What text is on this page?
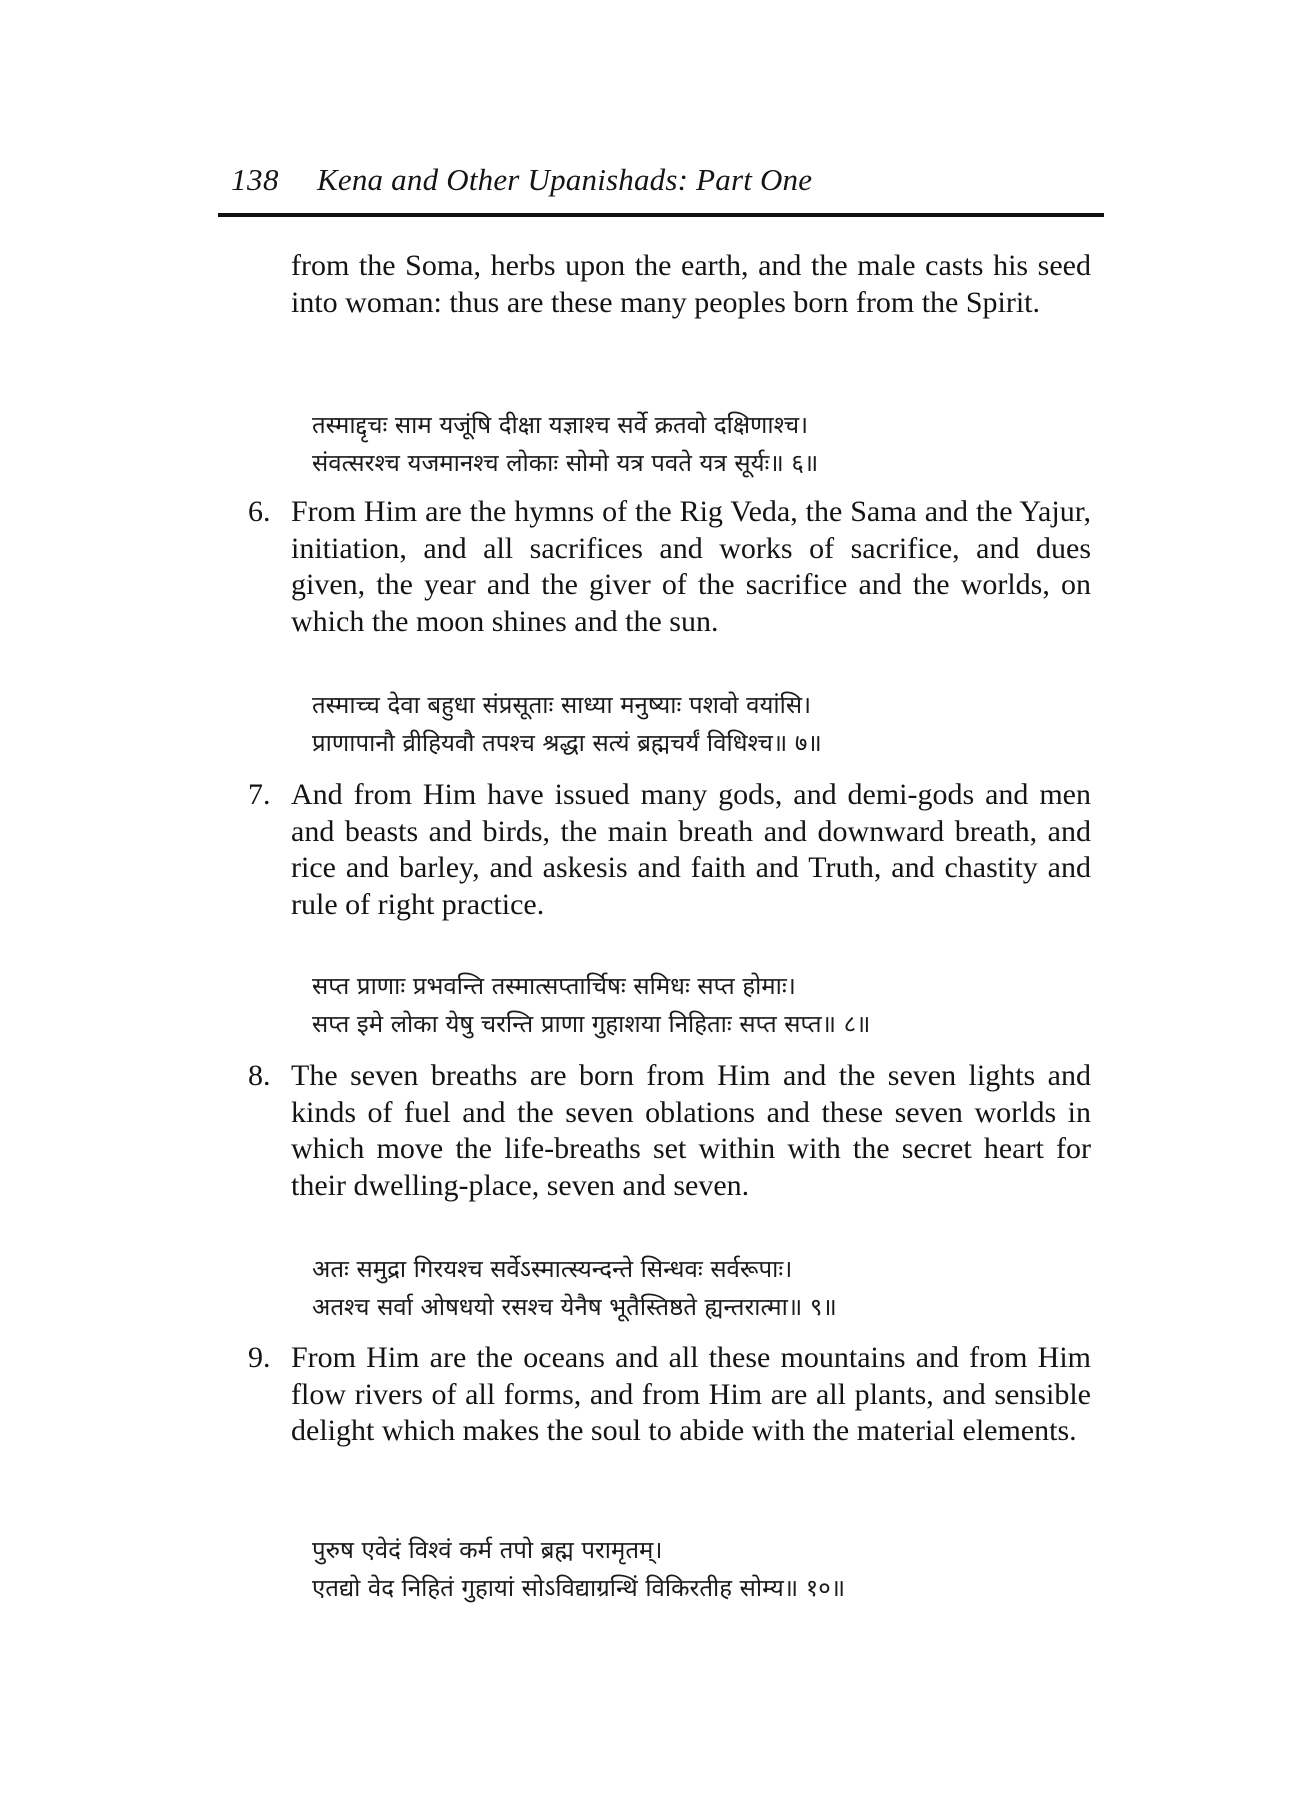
138 Kena and Other Upanishads: Part One
from the Soma, herbs upon the earth, and the male casts his seed into woman: thus are these many peoples born from the Spirit.
तस्माद्दृचः साम यजूंषि दीक्षा यज्ञाश्च सर्वे क्रतवो दक्षिणाश्च।
संवत्सरश्च यजमानश्च लोकाः सोमो यत्र पवते यत्र सूर्यः॥ ६॥
6. From Him are the hymns of the Rig Veda, the Sama and the Yajur, initiation, and all sacrifices and works of sacrifice, and dues given, the year and the giver of the sacrifice and the worlds, on which the moon shines and the sun.
तस्माच्च देवा बहुधा संप्रसूताः साध्या मनुष्याः पशवो वयांसि।
प्राणापानौ व्रीहियवौ तपश्च श्रद्धा सत्यं ब्रह्मचर्यं विधिश्च॥ ७॥
7. And from Him have issued many gods, and demi-gods and men and beasts and birds, the main breath and downward breath, and rice and barley, and askesis and faith and Truth, and chastity and rule of right practice.
सप्त प्राणाः प्रभवन्ति तस्मात्सप्तार्चिषः समिधः सप्त होमाः।
सप्त इमे लोका येषु चरन्ति प्राणा गुहाशया निहिताः सप्त सप्त॥ ८॥
8. The seven breaths are born from Him and the seven lights and kinds of fuel and the seven oblations and these seven worlds in which move the life-breaths set within with the secret heart for their dwelling-place, seven and seven.
अतः समुद्रा गिरयश्च सर्वेऽस्मात्स्यन्दन्ते सिन्धवः सर्वरूपाः।
अतश्च सर्वा ओषधयो रसश्च येनैष भूतैस्तिष्ठते ह्यन्तरात्मा॥ ९॥
9. From Him are the oceans and all these mountains and from Him flow rivers of all forms, and from Him are all plants, and sensible delight which makes the soul to abide with the material elements.
पुरुष एवेदं विश्वं कर्म तपो ब्रह्म परामृतम्।
एतद्यो वेद निहितं गुहायां सोऽविद्याग्रन्थिं विकिरतीह सोम्य॥ १०॥
